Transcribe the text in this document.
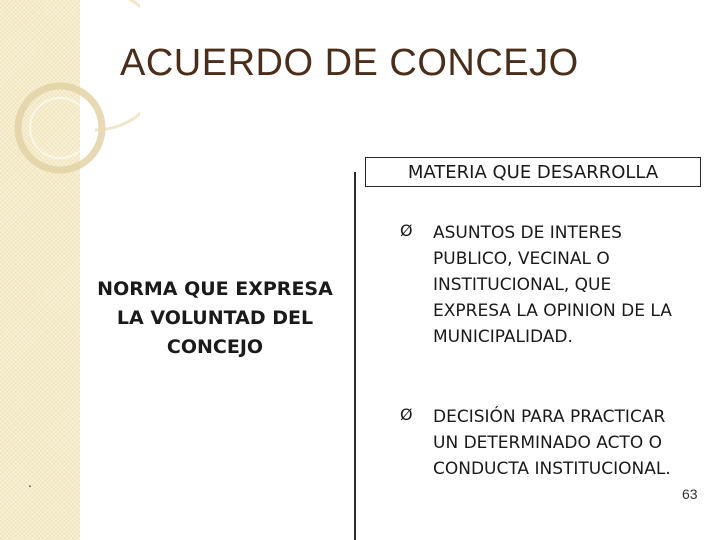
ACUERDO DE CONCEJO
MATERIA QUE DESARROLLA

NORMA QUE EXPRESA LA VOLUNTAD DEL CONCEJO

Ø ASUNTOS DE INTERES
PUBLICO, VECINAL O
INSTITUCIONAL, QUE
EXPRESA LA OPINION DE LA
MUNICIPALIDAD.
Ø DECISIÓN PARA PRACTICAR
UN DETERMINADO ACTO O
CONDUCTA INSTITUCIONAL.
.
63
